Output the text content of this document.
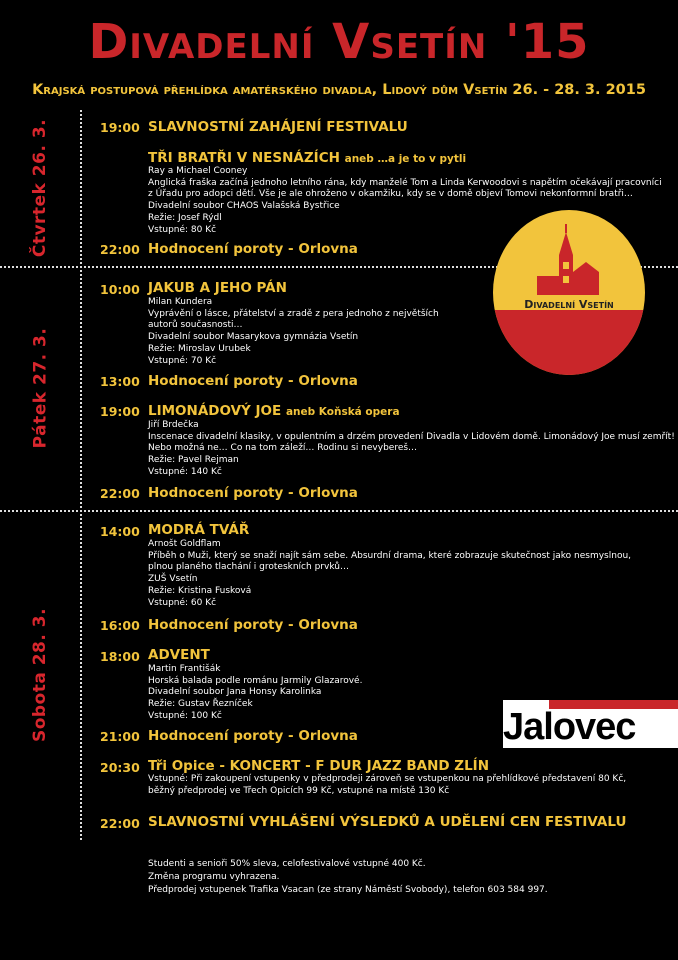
Divadelní Vsetín '15
Krajská postupová přehlídka amatérského divadla, Lidový dům Vsetín 26. - 28. 3. 2015
Čtvrtek 26. 3.
Pátek 27. 3.
Sobota 28. 3.
19:00 SLAVNOSTNÍ ZAHÁJENÍ FESTIVALU
TŘI BRATŘI V NESNÁZÍCH aneb …a je to v pytli
Ray a Michael Cooney
Anglická fraška začíná jednoho letního rána, kdy manželé Tom a Linda Kerwoodovi s napětím očekávají pracovníci
z Úřadu pro adopci dětí. Vše je ale ohroženo v okamžiku, kdy se v domě objeví Tomovi nekonformní bratři…
Divadelní soubor CHAOS Valašská Bystřice
Režie: Josef Rýdl
Vstupné: 80 Kč
22:00 Hodnocení poroty - Orlovna
10:00 JAKUB A JEHO PÁN
Milan Kundera
Vyprávění o lásce, přátelství a zradě z pera jednoho z největších
autorů současnosti…
Divadelní soubor Masarykova gymnázia Vsetín
Režie: Miroslav Urubek
Vstupné: 70 Kč
13:00 Hodnocení poroty - Orlovna
19:00 LIMONÁDOVÝ JOE aneb Koňská opera
Jiří Brdečka
Inscenace divadelní klasiky, v opulentním a drzém provedení Divadla v Lidovém domě. Limonádový Joe musí zemřít!
Nebo možná ne… Co na tom záleží… Rodinu si nevybereš…
Režie: Pavel Rejman
Vstupné: 140 Kč
22:00 Hodnocení poroty - Orlovna
14:00 MODRÁ TVÁŘ
Arnošt Goldflam
Příběh o Muži, který se snaží najít sám sebe. Absurdní drama, které zobrazuje skutečnost jako nesmyslnou,
plnou planého tlachání i groteskních prvků…
ZUŠ Vsetín
Režie: Kristina Fusková
Vstupné: 60 Kč
16:00 Hodnocení poroty - Orlovna
18:00 ADVENT
Martin Františák
Horská balada podle románu Jarmily Glazarové.
Divadelní soubor Jana Honsy Karolinka
Režie: Gustav Řezníček
Vstupné: 100 Kč
21:00 Hodnocení poroty - Orlovna
20:30 Tři Opice - KONCERT - F DUR JAZZ BAND ZLÍN
Vstupné: Při zakoupení vstupenky v předprodeji zároveň se vstupenkou na přehlídkové představení 80 Kč,
běžný předprodej ve Třech Opicích 99 Kč, vstupné na místě 130 Kč
22:00 SLAVNOSTNÍ VYHLÁŠENÍ VÝSLEDKŮ A UDĚLENÍ CEN FESTIVALU
Divadelní Vsetín
Jalovec
Studenti a senioři 50% sleva, celofestivalové vstupné 400 Kč.
Změna programu vyhrazena.
Předprodej vstupenek Trafika Vsacan (ze strany Náměstí Svobody), telefon 603 584 997.
